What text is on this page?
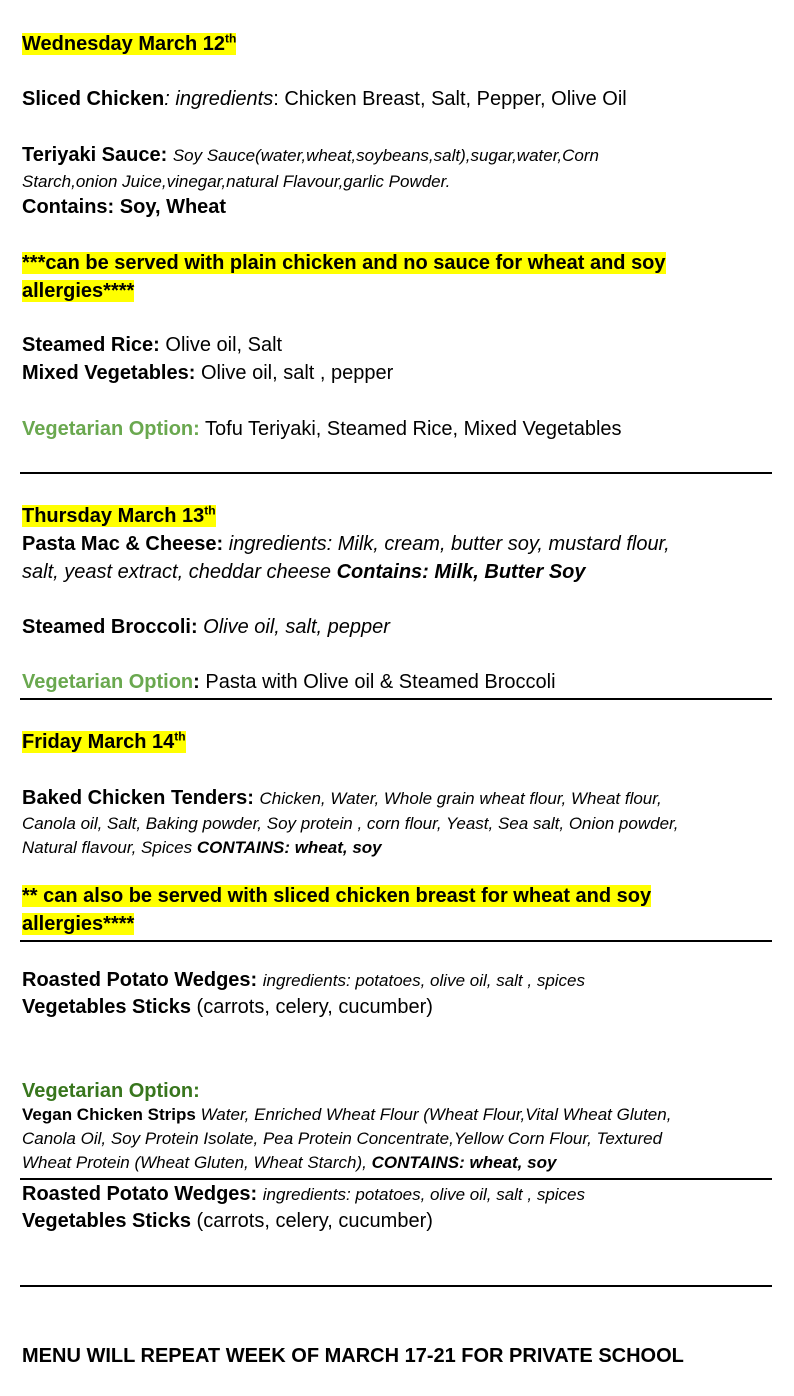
Wednesday March 12th
Sliced Chicken: ingredients: Chicken Breast, Salt, Pepper, Olive Oil
Teriyaki Sauce: Soy Sauce(water,wheat,soybeans,salt),sugar,water,Corn
Starch,onion Juice,vinegar,natural Flavour,garlic Powder.
Contains: Soy, Wheat
***can be served with plain chicken and no sauce for wheat and soy
allergies****
Steamed Rice: Olive oil, Salt
Mixed Vegetables: Olive oil, salt , pepper
Vegetarian Option: Tofu Teriyaki, Steamed Rice, Mixed Vegetables
Thursday March 13th
Pasta Mac & Cheese: ingredients: Milk, cream, butter soy, mustard flour,
salt, yeast extract, cheddar cheese Contains: Milk, Butter Soy
Steamed Broccoli: Olive oil, salt, pepper
Vegetarian Option: Pasta with Olive oil & Steamed Broccoli
Friday March 14th
Baked Chicken Tenders: Chicken, Water, Whole grain wheat flour, Wheat flour,
Canola oil, Salt, Baking powder, Soy protein , corn flour, Yeast, Sea salt, Onion powder,
Natural flavour, Spices CONTAINS: wheat, soy
** can also be served with sliced chicken breast for wheat and soy
allergies****
Roasted Potato Wedges: ingredients: potatoes, olive oil, salt , spices
Vegetables Sticks (carrots, celery, cucumber)
Vegetarian Option:
Vegan Chicken Strips Water, Enriched Wheat Flour (Wheat Flour,Vital Wheat Gluten,
Canola Oil, Soy Protein Isolate, Pea Protein Concentrate,Yellow Corn Flour, Textured
Wheat Protein (Wheat Gluten, Wheat Starch), CONTAINS: wheat, soy
Roasted Potato Wedges: ingredients: potatoes, olive oil, salt , spices
Vegetables Sticks (carrots, celery, cucumber)
MENU WILL REPEAT WEEK OF MARCH 17-21 FOR PRIVATE SCHOOL
